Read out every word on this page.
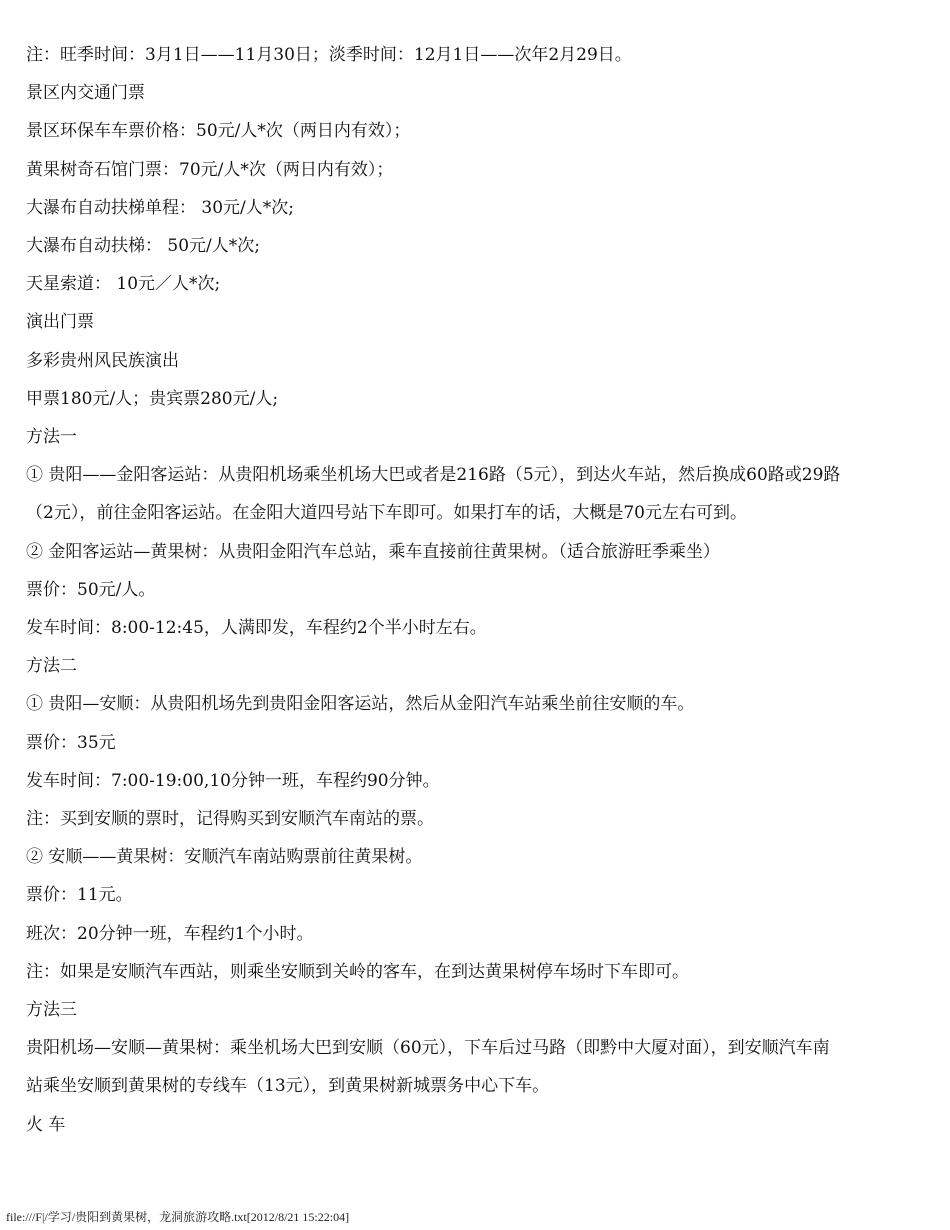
注：旺季时间：3月1日——11月30日；淡季时间：12月1日——次年2月29日。

景区内交通门票

景区环保车车票价格：50元/人*次（两日内有效）；

黄果树奇石馆门票：70元/人*次（两日内有效）；

大瀑布自动扶梯单程： 30元/人*次;

大瀑布自动扶梯： 50元/人*次;

天星索道： 10元／人*次;

演出门票

多彩贵州风民族演出

甲票180元/人；贵宾票280元/人;

方法一

① 贵阳——金阳客运站：从贵阳机场乘坐机场大巴或者是216路（5元），到达火车站，然后换成60路或29路

（2元），前往金阳客运站。在金阳大道四号站下车即可。如果打车的话，大概是70元左右可到。

② 金阳客运站—黄果树：从贵阳金阳汽车总站，乘车直接前往黄果树。（适合旅游旺季乘坐）

票价：50元/人。

发车时间：8:00-12:45，人满即发，车程约2个半小时左右。

方法二

① 贵阳—安顺：从贵阳机场先到贵阳金阳客运站，然后从金阳汽车站乘坐前往安顺的车。

票价：35元

发车时间：7:00-19:00,10分钟一班，车程约90分钟。

注：买到安顺的票时，记得购买到安顺汽车南站的票。

② 安顺——黄果树：安顺汽车南站购票前往黄果树。

票价：11元。

班次：20分钟一班，车程约1个小时。

注：如果是安顺汽车西站，则乘坐安顺到关岭的客车，在到达黄果树停车场时下车即可。

方法三

贵阳机场—安顺—黄果树：乘坐机场大巴到安顺（60元），下车后过马路（即黔中大厦对面），到安顺汽车南

站乘坐安顺到黄果树的专线车（13元），到黄果树新城票务中心下车。

火 车

file:///F|/学习/贵阳到黄果树，龙洞旅游攻略.txt[2012/8/21 15:22:04]
